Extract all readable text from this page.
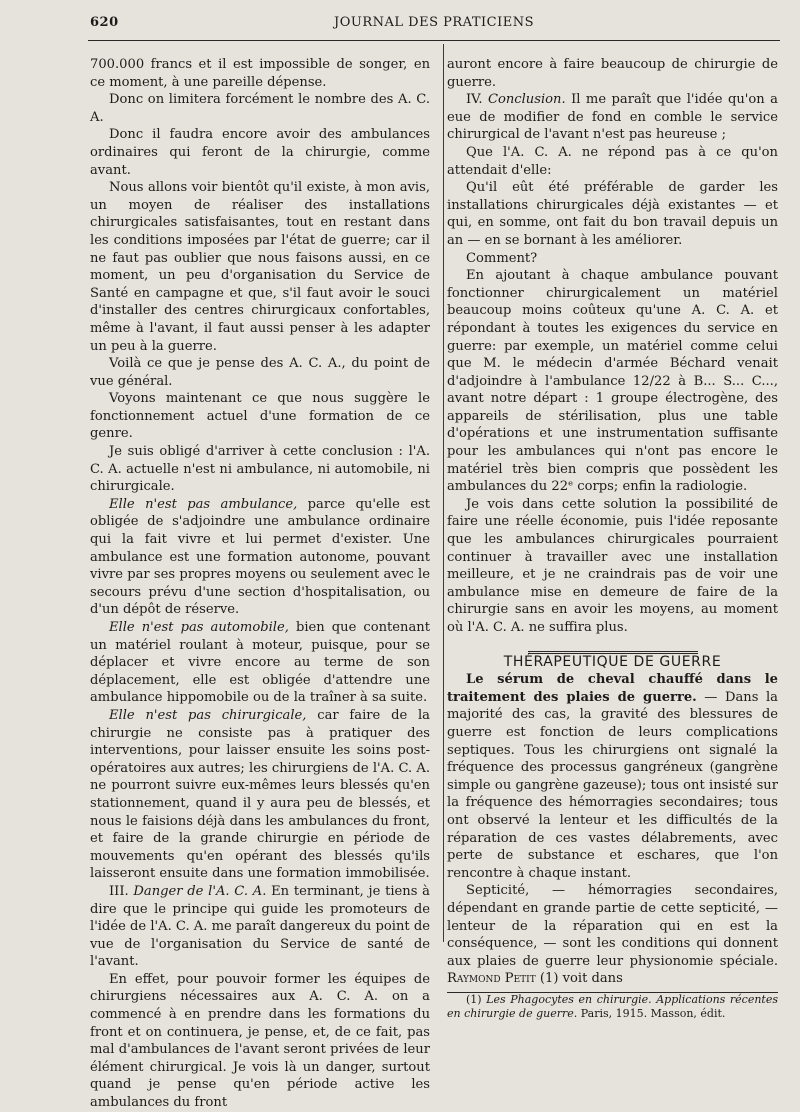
620	JOURNAL DES PRATICIENS

700.000 francs et il est impossible de songer, en ce moment, à une pareille dépense.

Donc on limitera forcément le nombre des A. C. A.

Donc il faudra encore avoir des ambulances ordinaires qui feront de la chirurgie, comme avant.

Nous allons voir bientôt qu'il existe, à mon avis, un moyen de réaliser des installations chirurgicales satisfaisantes, tout en restant dans les conditions imposées par l'état de guerre; car il ne faut pas oublier que nous faisons aussi, en ce moment, un peu d'organisation du Service de Santé en campagne et que, s'il faut avoir le souci d'installer des centres chirurgicaux confortables, même à l'avant, il faut aussi penser à les adapter un peu à la guerre.

Voilà ce que je pense des A. C. A., du point de vue général.

Voyons maintenant ce que nous suggère le fonctionnement actuel d'une formation de ce genre.

Je suis obligé d'arriver à cette conclusion : l'A. C. A. actuelle n'est ni ambulance, ni automobile, ni chirurgicale.

Elle n'est pas ambulance, parce qu'elle est obligée de s'adjoindre une ambulance ordinaire qui la fait vivre et lui permet d'exister. Une ambulance est une formation autonome, pouvant vivre par ses propres moyens ou seulement avec le secours prévu d'une section d'hospitalisation, ou d'un dépôt de réserve.

Elle n'est pas automobile, bien que contenant un matériel roulant à moteur, puisque, pour se déplacer et vivre encore au terme de son déplacement, elle est obligée d'attendre une ambulance hippomobile ou de la traîner à sa suite.

Elle n'est pas chirurgicale, car faire de la chirurgie ne consiste pas à pratiquer des interventions, pour laisser ensuite les soins post-opératoires aux autres; les chirurgiens de l'A. C. A. ne pourront suivre eux-mêmes leurs blessés qu'en stationnement, quand il y aura peu de blessés, et nous le faisions déjà dans les ambulances du front, et faire de la grande chirurgie en période de mouvements qu'en opérant des blessés qu'ils laisseront ensuite dans une formation immobilisée.

III. Danger de l'A. C. A. En terminant, je tiens à dire que le principe qui guide les promoteurs de l'idée de l'A. C. A. me paraît dangereux du point de vue de l'organisation du Service de santé de l'avant.

En effet, pour pouvoir former les équipes de chirurgiens nécessaires aux A. C. A. on a commencé à en prendre dans les formations du front et on continuera, je pense, et, de ce fait, pas mal d'ambulances de l'avant seront privées de leur élément chirurgical. Je vois là un danger, surtout quand je pense qu'en période active les ambulances du front

auront encore à faire beaucoup de chirurgie de guerre.

IV. Conclusion. Il me paraît que l'idée qu'on a eue de modifier de fond en comble le service chirurgical de l'avant n'est pas heureuse ;

Que l'A. C. A. ne répond pas à ce qu'on attendait d'elle:

Qu'il eût été préférable de garder les installations chirurgicales déjà existantes — et qui, en somme, ont fait du bon travail depuis un an — en se bornant à les améliorer.

Comment?

En ajoutant à chaque ambulance pouvant fonctionner chirurgicalement un matériel beaucoup moins coûteux qu'une A. C. A. et répondant à toutes les exigences du service en guerre: par exemple, un matériel comme celui que M. le médecin d'armée Béchard venait d'adjoindre à l'ambulance 12/22 à B... S... C..., avant notre départ : 1 groupe électrogène, des appareils de stérilisation, plus une table d'opérations et une instrumentation suffisante pour les ambulances qui n'ont pas encore le matériel très bien compris que possèdent les ambulances du 22ᵉ corps; enfin la radiologie.

Je vois dans cette solution la possibilité de faire une réelle économie, puis l'idée reposante que les ambulances chirurgicales pourraient continuer à travailler avec une installation meilleure, et je ne craindrais pas de voir une ambulance mise en demeure de faire de la chirurgie sans en avoir les moyens, au moment où l'A. C. A. ne suffira plus.

THÉRAPEUTIQUE DE GUERRE

Le sérum de cheval chauffé dans le traitement des plaies de guerre. — Dans la majorité des cas, la gravité des blessures de guerre est fonction de leurs complications septiques. Tous les chirurgiens ont signalé la fréquence des processus gangréneux (gangrène simple ou gangrène gazeuse); tous ont insisté sur la fréquence des hémorragies secondaires; tous ont observé la lenteur et les difficultés de la réparation de ces vastes délabrements, avec perte de substance et eschares, que l'on rencontre à chaque instant.

Septicité, — hémorragies secondaires, dépendant en grande partie de cette septicité, — lenteur de la réparation qui en est la conséquence, — sont les conditions qui donnent aux plaies de guerre leur physionomie spéciale. Raymond Petit (1) voit dans

(1) Les Phagocytes en chirurgie. Applications récentes en chirurgie de guerre. Paris, 1915. Masson, édit.
